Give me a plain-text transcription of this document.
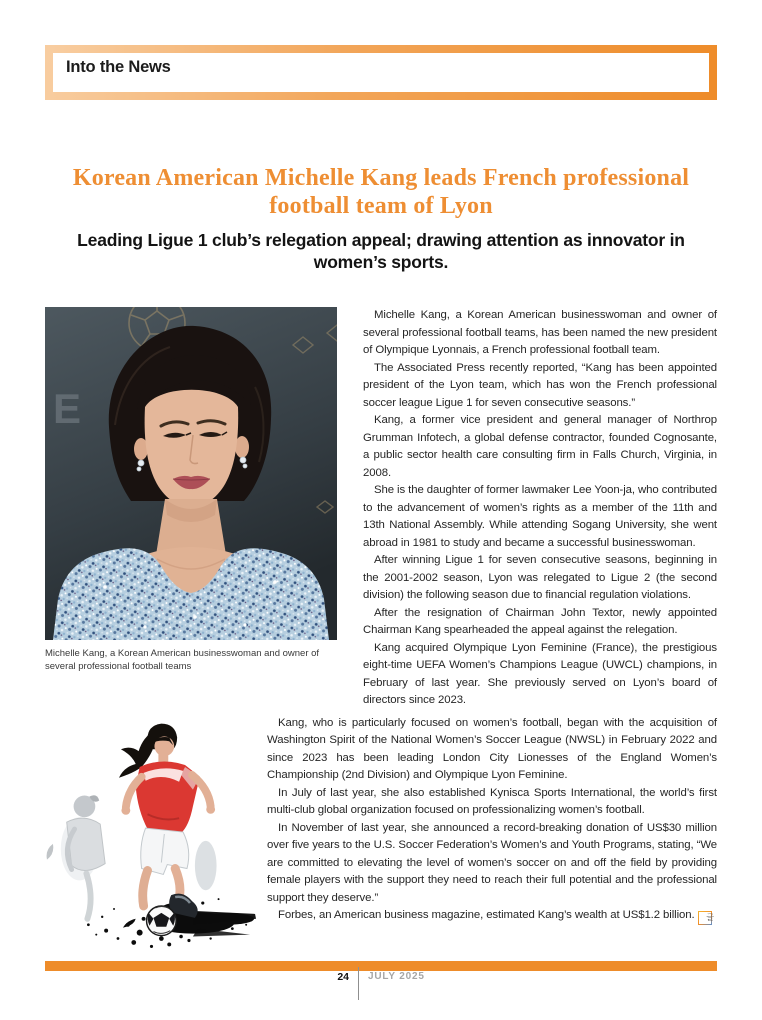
Into the News
Korean American Michelle Kang leads French professional football team of Lyon
Leading Ligue 1 club’s relegation appeal; drawing attention as innovator in women’s sports.
E
Michelle Kang, a Korean American businesswoman and owner of several professional football teams

Michelle Kang, a Korean American businesswoman and owner of several professional football teams, has been named the new president of Olympique Lyonnais, a French professional football team.

The Associated Press recently reported, “Kang has been appointed president of the Lyon team, which has won the French professional soccer league Ligue 1 for seven consecutive seasons.”

Kang, a former vice president and general manager of Northrop Grumman Infotech, a global defense contractor, founded Cognosante, a public sector health care consulting firm in Falls Church, Virginia, in 2008.

She is the daughter of former lawmaker Lee Yoon-ja, who contributed to the advancement of women’s rights as a member of the 11th and 13th National Assembly. While attending Sogang University, she went abroad in 1981 to study and became a successful businesswoman.

After winning Ligue 1 for seven consecutive seasons, beginning in the 2001-2002 season, Lyon was relegated to Ligue 2 (the second division) the following season due to financial regulation violations.

After the resignation of Chairman John Textor, newly appointed Chairman Kang spearheaded the appeal against the relegation.

Kang acquired Olympique Lyon Feminine (France), the prestigious eight-time UEFA Women’s Champions League (UWCL) champions, in February of last year. She previously served on Lyon’s board of directors since 2023.

Kang, who is particularly focused on women’s football, began with the acquisition of Washington Spirit of the National Women’s Soccer League (NWSL) in February 2022 and since 2023 has been leading London City Lionesses of the England Women’s Championship (2nd Division) and Olympique Lyon Feminine.

In July of last year, she also established Kynisca Sports International, the world’s first multi-club global organization focused on professionalizing women’s football.

In November of last year, she announced a record-breaking donation of US$30 million over five years to the U.S. Soccer Federation’s Women’s and Youth Programs, stating, “We are committed to elevating the level of women’s soccer on and off the field by providing female players with the support they need to reach their full potential and the professional support they deserve.”

Forbes, an American business magazine, estimated Kang’s wealth at US$1.2 billion.	글

24 JULY 2025
